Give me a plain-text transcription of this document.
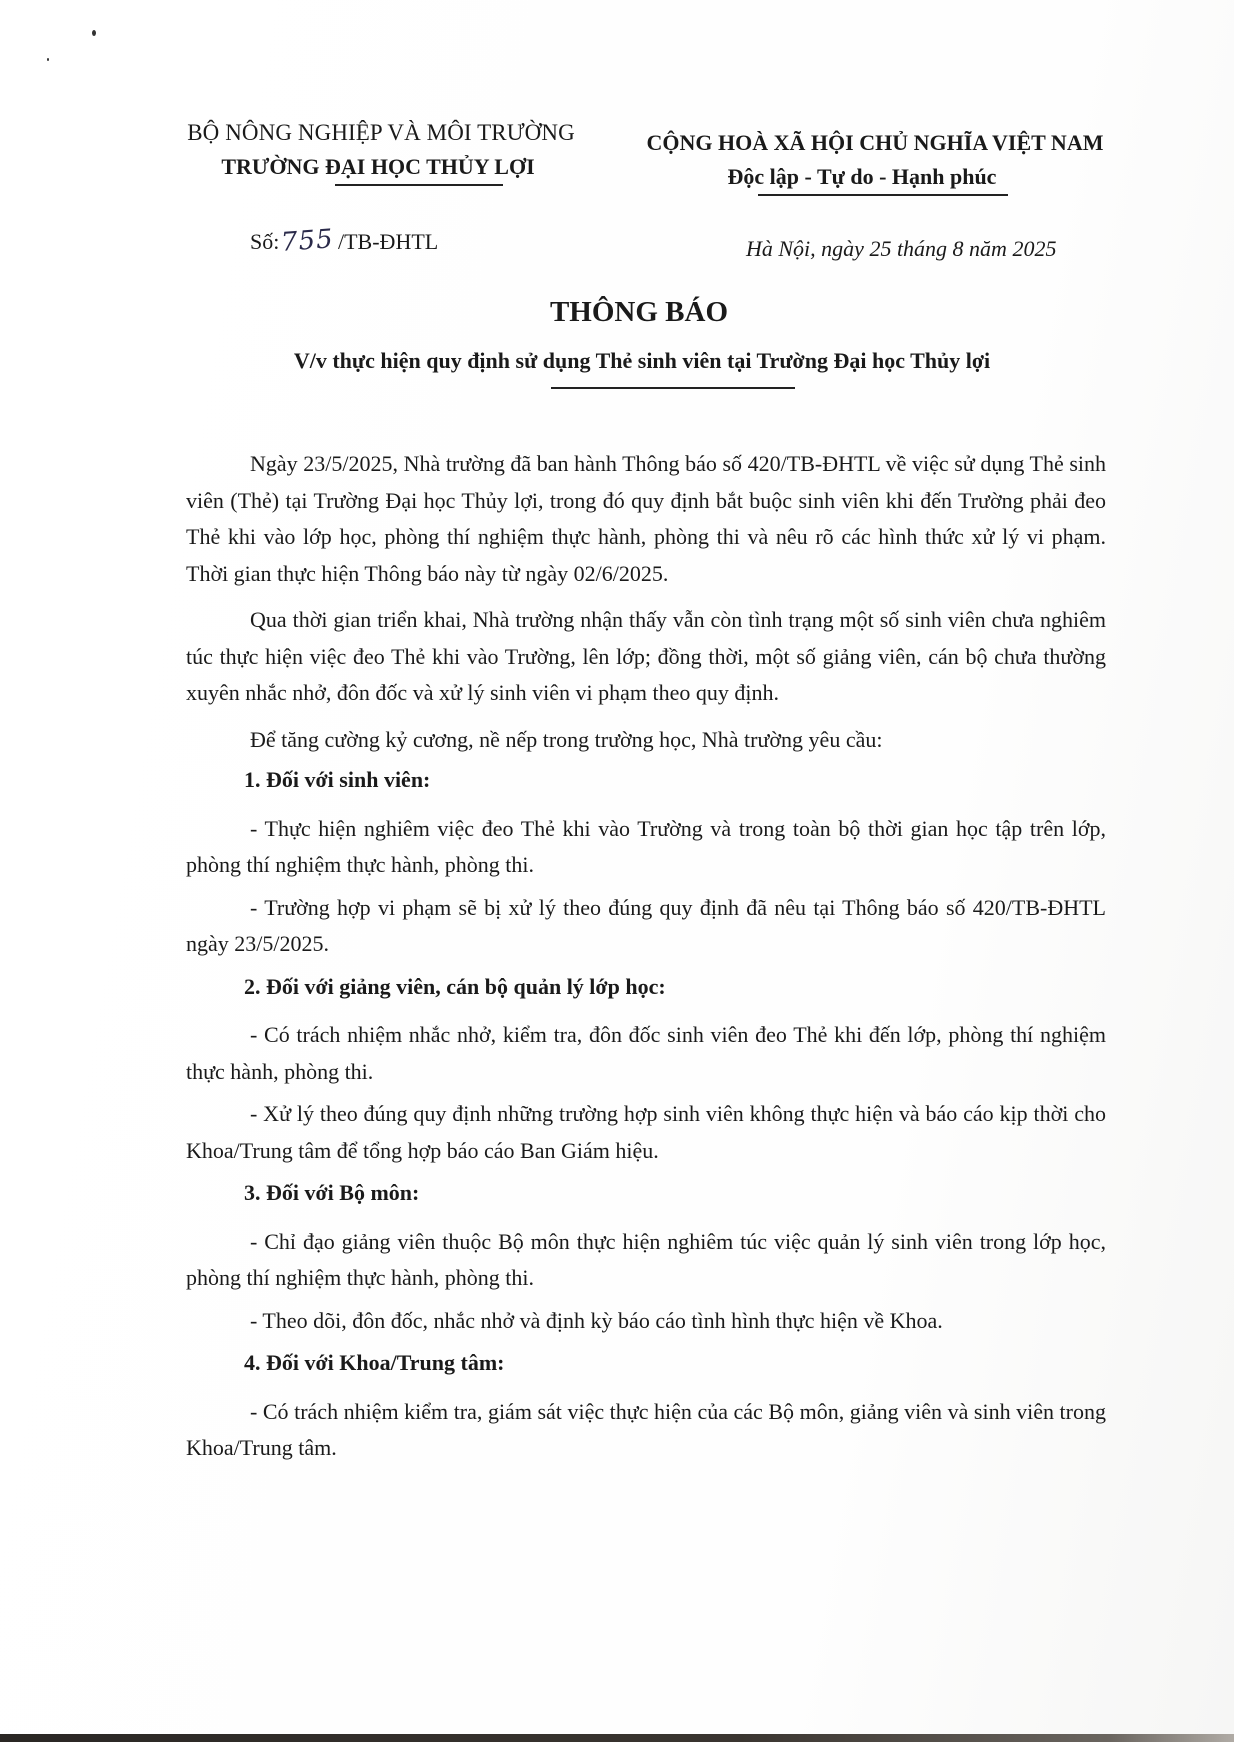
BỘ NÔNG NGHIỆP VÀ MÔI TRƯỜNG
TRƯỜNG ĐẠI HỌC THỦY LỢI
CỘNG HOÀ XÃ HỘI CHỦ NGHĨA VIỆT NAM
Độc lập - Tự do - Hạnh phúc
Số: 755 /TB-ĐHTL	Hà Nội, ngày 25 tháng 8 năm 2025
THÔNG BÁO
V/v thực hiện quy định sử dụng Thẻ sinh viên tại Trường Đại học Thủy lợi

Ngày 23/5/2025, Nhà trường đã ban hành Thông báo số 420/TB-ĐHTL về việc sử dụng Thẻ sinh viên (Thẻ) tại Trường Đại học Thủy lợi, trong đó quy định bắt buộc sinh viên khi đến Trường phải đeo Thẻ khi vào lớp học, phòng thí nghiệm thực hành, phòng thi và nêu rõ các hình thức xử lý vi phạm. Thời gian thực hiện Thông báo này từ ngày 02/6/2025.

Qua thời gian triển khai, Nhà trường nhận thấy vẫn còn tình trạng một số sinh viên chưa nghiêm túc thực hiện việc đeo Thẻ khi vào Trường, lên lớp; đồng thời, một số giảng viên, cán bộ chưa thường xuyên nhắc nhở, đôn đốc và xử lý sinh viên vi phạm theo quy định.

Để tăng cường kỷ cương, nề nếp trong trường học, Nhà trường yêu cầu:

1. Đối với sinh viên:

- Thực hiện nghiêm việc đeo Thẻ khi vào Trường và trong toàn bộ thời gian học tập trên lớp, phòng thí nghiệm thực hành, phòng thi.

- Trường hợp vi phạm sẽ bị xử lý theo đúng quy định đã nêu tại Thông báo số 420/TB-ĐHTL ngày 23/5/2025.

2. Đối với giảng viên, cán bộ quản lý lớp học:

- Có trách nhiệm nhắc nhở, kiểm tra, đôn đốc sinh viên đeo Thẻ khi đến lớp, phòng thí nghiệm thực hành, phòng thi.

- Xử lý theo đúng quy định những trường hợp sinh viên không thực hiện và báo cáo kịp thời cho Khoa/Trung tâm để tổng hợp báo cáo Ban Giám hiệu.

3. Đối với Bộ môn:

- Chỉ đạo giảng viên thuộc Bộ môn thực hiện nghiêm túc việc quản lý sinh viên trong lớp học, phòng thí nghiệm thực hành, phòng thi.

- Theo dõi, đôn đốc, nhắc nhở và định kỳ báo cáo tình hình thực hiện về Khoa.

4. Đối với Khoa/Trung tâm:

- Có trách nhiệm kiểm tra, giám sát việc thực hiện của các Bộ môn, giảng viên và sinh viên trong Khoa/Trung tâm.
